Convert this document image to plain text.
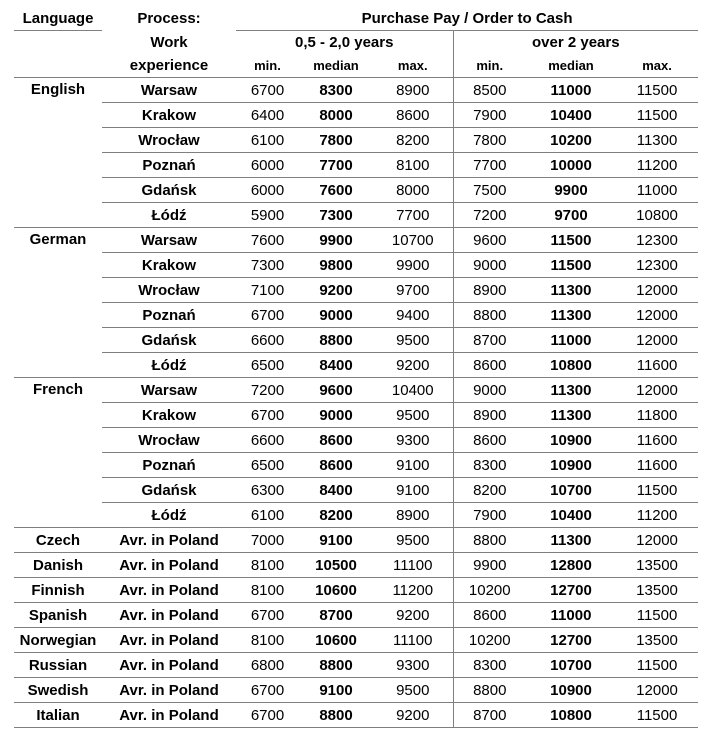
Language	Process:	Purchase Pay / Order to Cash					
	Work	0,5 - 2,0 years			over 2 years		
	experience	min.	median	max.	min.	median	max.
English	Warsaw	6700	8300	8900	8500	11000	11500
	Krakow	6400	8000	8600	7900	10400	11500
	Wrocław	6100	7800	8200	7800	10200	11300
	Poznań	6000	7700	8100	7700	10000	11200
	Gdańsk	6000	7600	8000	7500	9900	11000
	Łódź	5900	7300	7700	7200	9700	10800
German	Warsaw	7600	9900	10700	9600	11500	12300
	Krakow	7300	9800	9900	9000	11500	12300
	Wrocław	7100	9200	9700	8900	11300	12000
	Poznań	6700	9000	9400	8800	11300	12000
	Gdańsk	6600	8800	9500	8700	11000	12000
	Łódź	6500	8400	9200	8600	10800	11600
French	Warsaw	7200	9600	10400	9000	11300	12000
	Krakow	6700	9000	9500	8900	11300	11800
	Wrocław	6600	8600	9300	8600	10900	11600
	Poznań	6500	8600	9100	8300	10900	11600
	Gdańsk	6300	8400	9100	8200	10700	11500
	Łódź	6100	8200	8900	7900	10400	11200
Czech	Avr. in Poland	7000	9100	9500	8800	11300	12000
Danish	Avr. in Poland	8100	10500	11100	9900	12800	13500
Finnish	Avr. in Poland	8100	10600	11200	10200	12700	13500
Spanish	Avr. in Poland	6700	8700	9200	8600	11000	11500
Norwegian	Avr. in Poland	8100	10600	11100	10200	12700	13500
Russian	Avr. in Poland	6800	8800	9300	8300	10700	11500
Swedish	Avr. in Poland	6700	9100	9500	8800	10900	12000
Italian	Avr. in Poland	6700	8800	9200	8700	10800	11500
